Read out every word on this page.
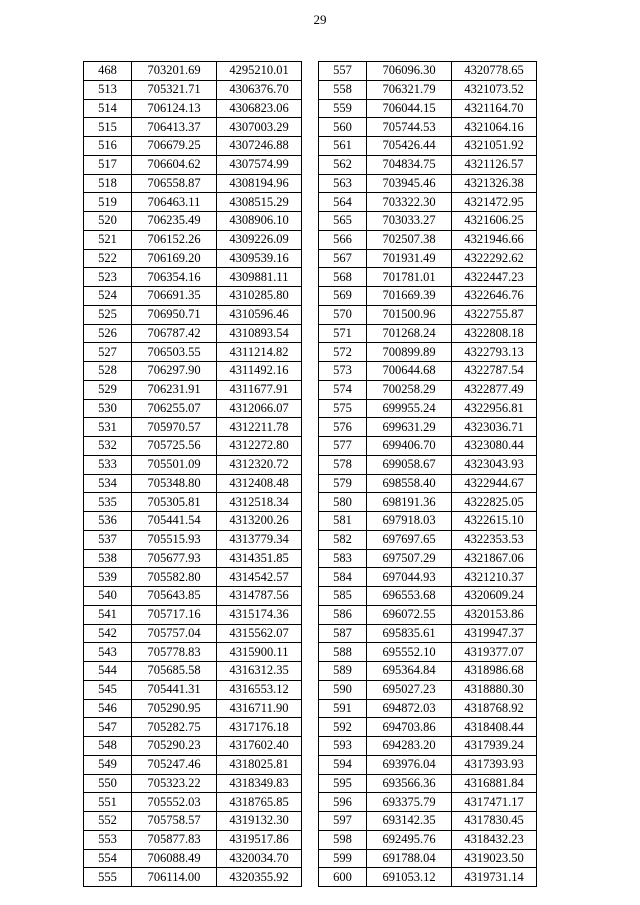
29
468	703201.69	4295210.01
513	705321.71	4306376.70
514	706124.13	4306823.06
515	706413.37	4307003.29
516	706679.25	4307246.88
517	706604.62	4307574.99
518	706558.87	4308194.96
519	706463.11	4308515.29
520	706235.49	4308906.10
521	706152.26	4309226.09
522	706169.20	4309539.16
523	706354.16	4309881.11
524	706691.35	4310285.80
525	706950.71	4310596.46
526	706787.42	4310893.54
527	706503.55	4311214.82
528	706297.90	4311492.16
529	706231.91	4311677.91
530	706255.07	4312066.07
531	705970.57	4312211.78
532	705725.56	4312272.80
533	705501.09	4312320.72
534	705348.80	4312408.48
535	705305.81	4312518.34
536	705441.54	4313200.26
537	705515.93	4313779.34
538	705677.93	4314351.85
539	705582.80	4314542.57
540	705643.85	4314787.56
541	705717.16	4315174.36
542	705757.04	4315562.07
543	705778.83	4315900.11
544	705685.58	4316312.35
545	705441.31	4316553.12
546	705290.95	4316711.90
547	705282.75	4317176.18
548	705290.23	4317602.40
549	705247.46	4318025.81
550	705323.22	4318349.83
551	705552.03	4318765.85
552	705758.57	4319132.30
553	705877.83	4319517.86
554	706088.49	4320034.70
555	706114.00	4320355.92
557	706096.30	4320778.65
558	706321.79	4321073.52
559	706044.15	4321164.70
560	705744.53	4321064.16
561	705426.44	4321051.92
562	704834.75	4321126.57
563	703945.46	4321326.38
564	703322.30	4321472.95
565	703033.27	4321606.25
566	702507.38	4321946.66
567	701931.49	4322292.62
568	701781.01	4322447.23
569	701669.39	4322646.76
570	701500.96	4322755.87
571	701268.24	4322808.18
572	700899.89	4322793.13
573	700644.68	4322787.54
574	700258.29	4322877.49
575	699955.24	4322956.81
576	699631.29	4323036.71
577	699406.70	4323080.44
578	699058.67	4323043.93
579	698558.40	4322944.67
580	698191.36	4322825.05
581	697918.03	4322615.10
582	697697.65	4322353.53
583	697507.29	4321867.06
584	697044.93	4321210.37
585	696553.68	4320609.24
586	696072.55	4320153.86
587	695835.61	4319947.37
588	695552.10	4319377.07
589	695364.84	4318986.68
590	695027.23	4318880.30
591	694872.03	4318768.92
592	694703.86	4318408.44
593	694283.20	4317939.24
594	693976.04	4317393.93
595	693566.36	4316881.84
596	693375.79	4317471.17
597	693142.35	4317830.45
598	692495.76	4318432.23
599	691788.04	4319023.50
600	691053.12	4319731.14
